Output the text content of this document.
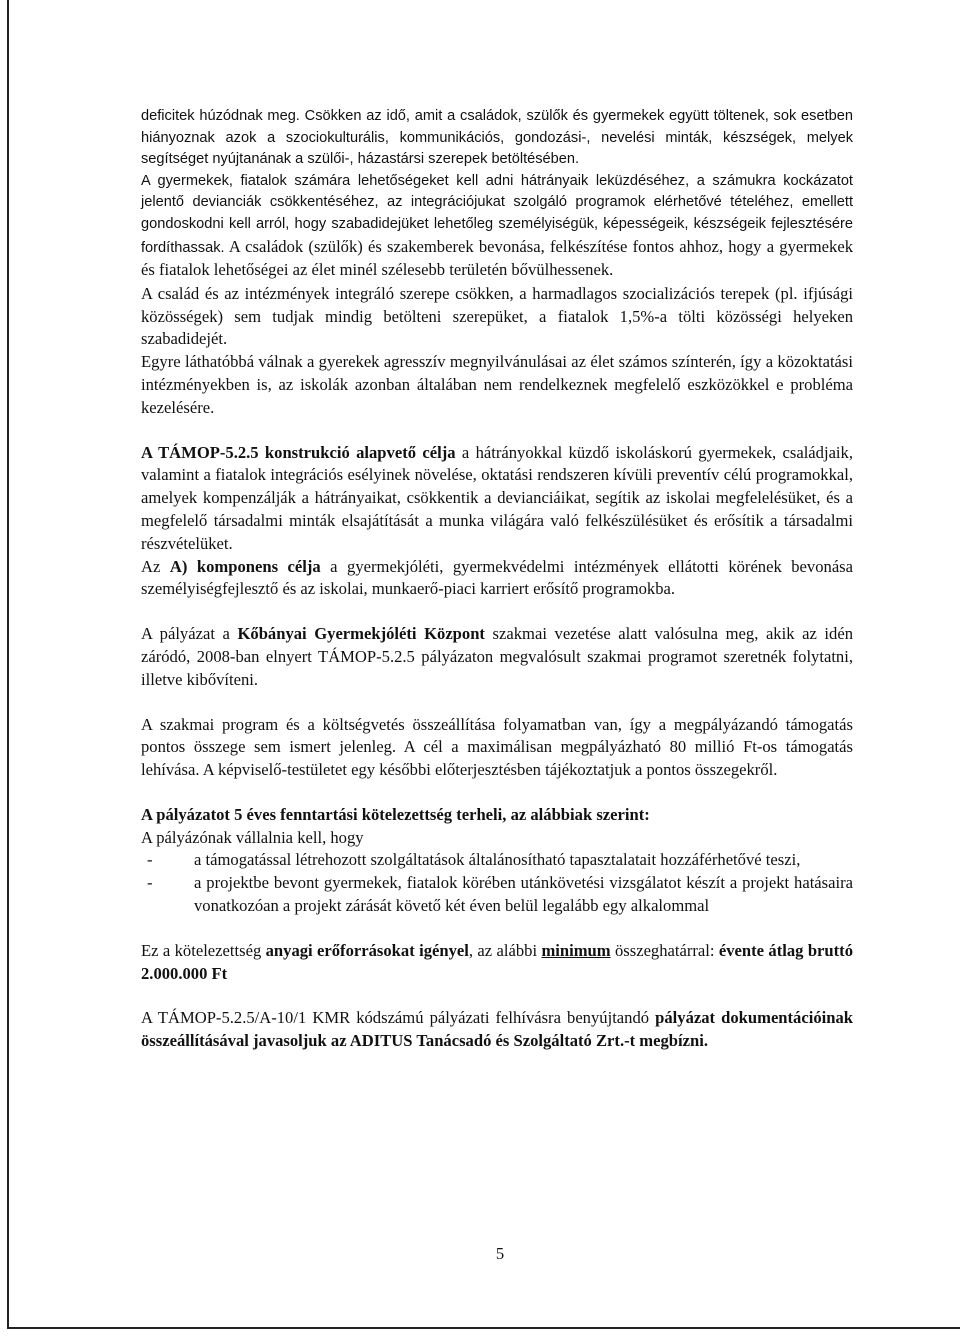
deficitek húzódnak meg. Csökken az idő, amit a családok, szülők és gyermekek együtt töltenek, sok esetben hiányoznak azok a szociokulturális, kommunikációs, gondozási-, nevelési minták, készségek, melyek segítséget nyújtanának a szülői-, házastársi szerepek betöltésében.

A gyermekek, fiatalok számára lehetőségeket kell adni hátrányaik leküzdéséhez, a számukra kockázatot jelentő devianciák csökkentéséhez, az integrációjukat szolgáló programok elérhetővé tételéhez, emellett gondoskodni kell arról, hogy szabadidejüket lehetőleg személyiségük, képességeik, készségeik fejlesztésére fordíthassak. A családok (szülők) és szakemberek bevonása, felkészítése fontos ahhoz, hogy a gyermekek és fiatalok lehetőségei az élet minél szélesebb területén bővülhessenek.

A család és az intézmények integráló szerepe csökken, a harmadlagos szocializációs terepek (pl. ifjúsági közösségek) sem tudjak mindig betölteni szerepüket, a fiatalok 1,5%-a tölti közösségi helyeken szabadidejét.

Egyre láthatóbbá válnak a gyerekek agresszív megnyilvánulásai az élet számos színterén, így a közoktatási intézményekben is, az iskolák azonban általában nem rendelkeznek megfelelő eszközökkel e probléma kezelésére.

A TÁMOP-5.2.5 konstrukció alapvető célja a hátrányokkal küzdő iskoláskorú gyermekek, családjaik, valamint a fiatalok integrációs esélyinek növelése, oktatási rendszeren kívüli preventív célú programokkal, amelyek kompenzálják a hátrányaikat, csökkentik a devianciáikat, segítik az iskolai megfelelésüket, és a megfelelő társadalmi minták elsajátítását a munka világára való felkészülésüket és erősítik a társadalmi részvételüket.

Az A) komponens célja a gyermekjóléti, gyermekvédelmi intézmények ellátotti körének bevonása személyiségfejlesztő és az iskolai, munkaerő-piaci karriert erősítő programokba.

A pályázat a Kőbányai Gyermekjóléti Központ szakmai vezetése alatt valósulna meg, akik az idén záródó, 2008-ban elnyert TÁMOP-5.2.5 pályázaton megvalósult szakmai programot szeretnék folytatni, illetve kibővíteni.

A szakmai program és a költségvetés összeállítása folyamatban van, így a megpályázandó támogatás pontos összege sem ismert jelenleg. A cél a maximálisan megpályázható 80 millió Ft-os támogatás lehívása. A képviselő-testületet egy későbbi előterjesztésben tájékoztatjuk a pontos összegekről.

A pályázatot 5 éves fenntartási kötelezettség terheli, az alábbiak szerint:

A pályázónak vállalnia kell, hogy

- a támogatással létrehozott szolgáltatások általánosítható tapasztalatait hozzáférhetővé teszi,
- a projektbe bevont gyermekek, fiatalok körében utánkövetési vizsgálatot készít a projekt hatásaira vonatkozóan a projekt zárását követő két éven belül legalább egy alkalommal

Ez a kötelezettség anyagi erőforrásokat igényel, az alábbi minimum összeghatárral: évente átlag bruttó 2.000.000 Ft

A TÁMOP-5.2.5/A-10/1 KMR kódszámú pályázati felhívásra benyújtandó pályázat dokumentációinak összeállításával javasoljuk az ADITUS Tanácsadó és Szolgáltató Zrt.-t megbízni.

5
